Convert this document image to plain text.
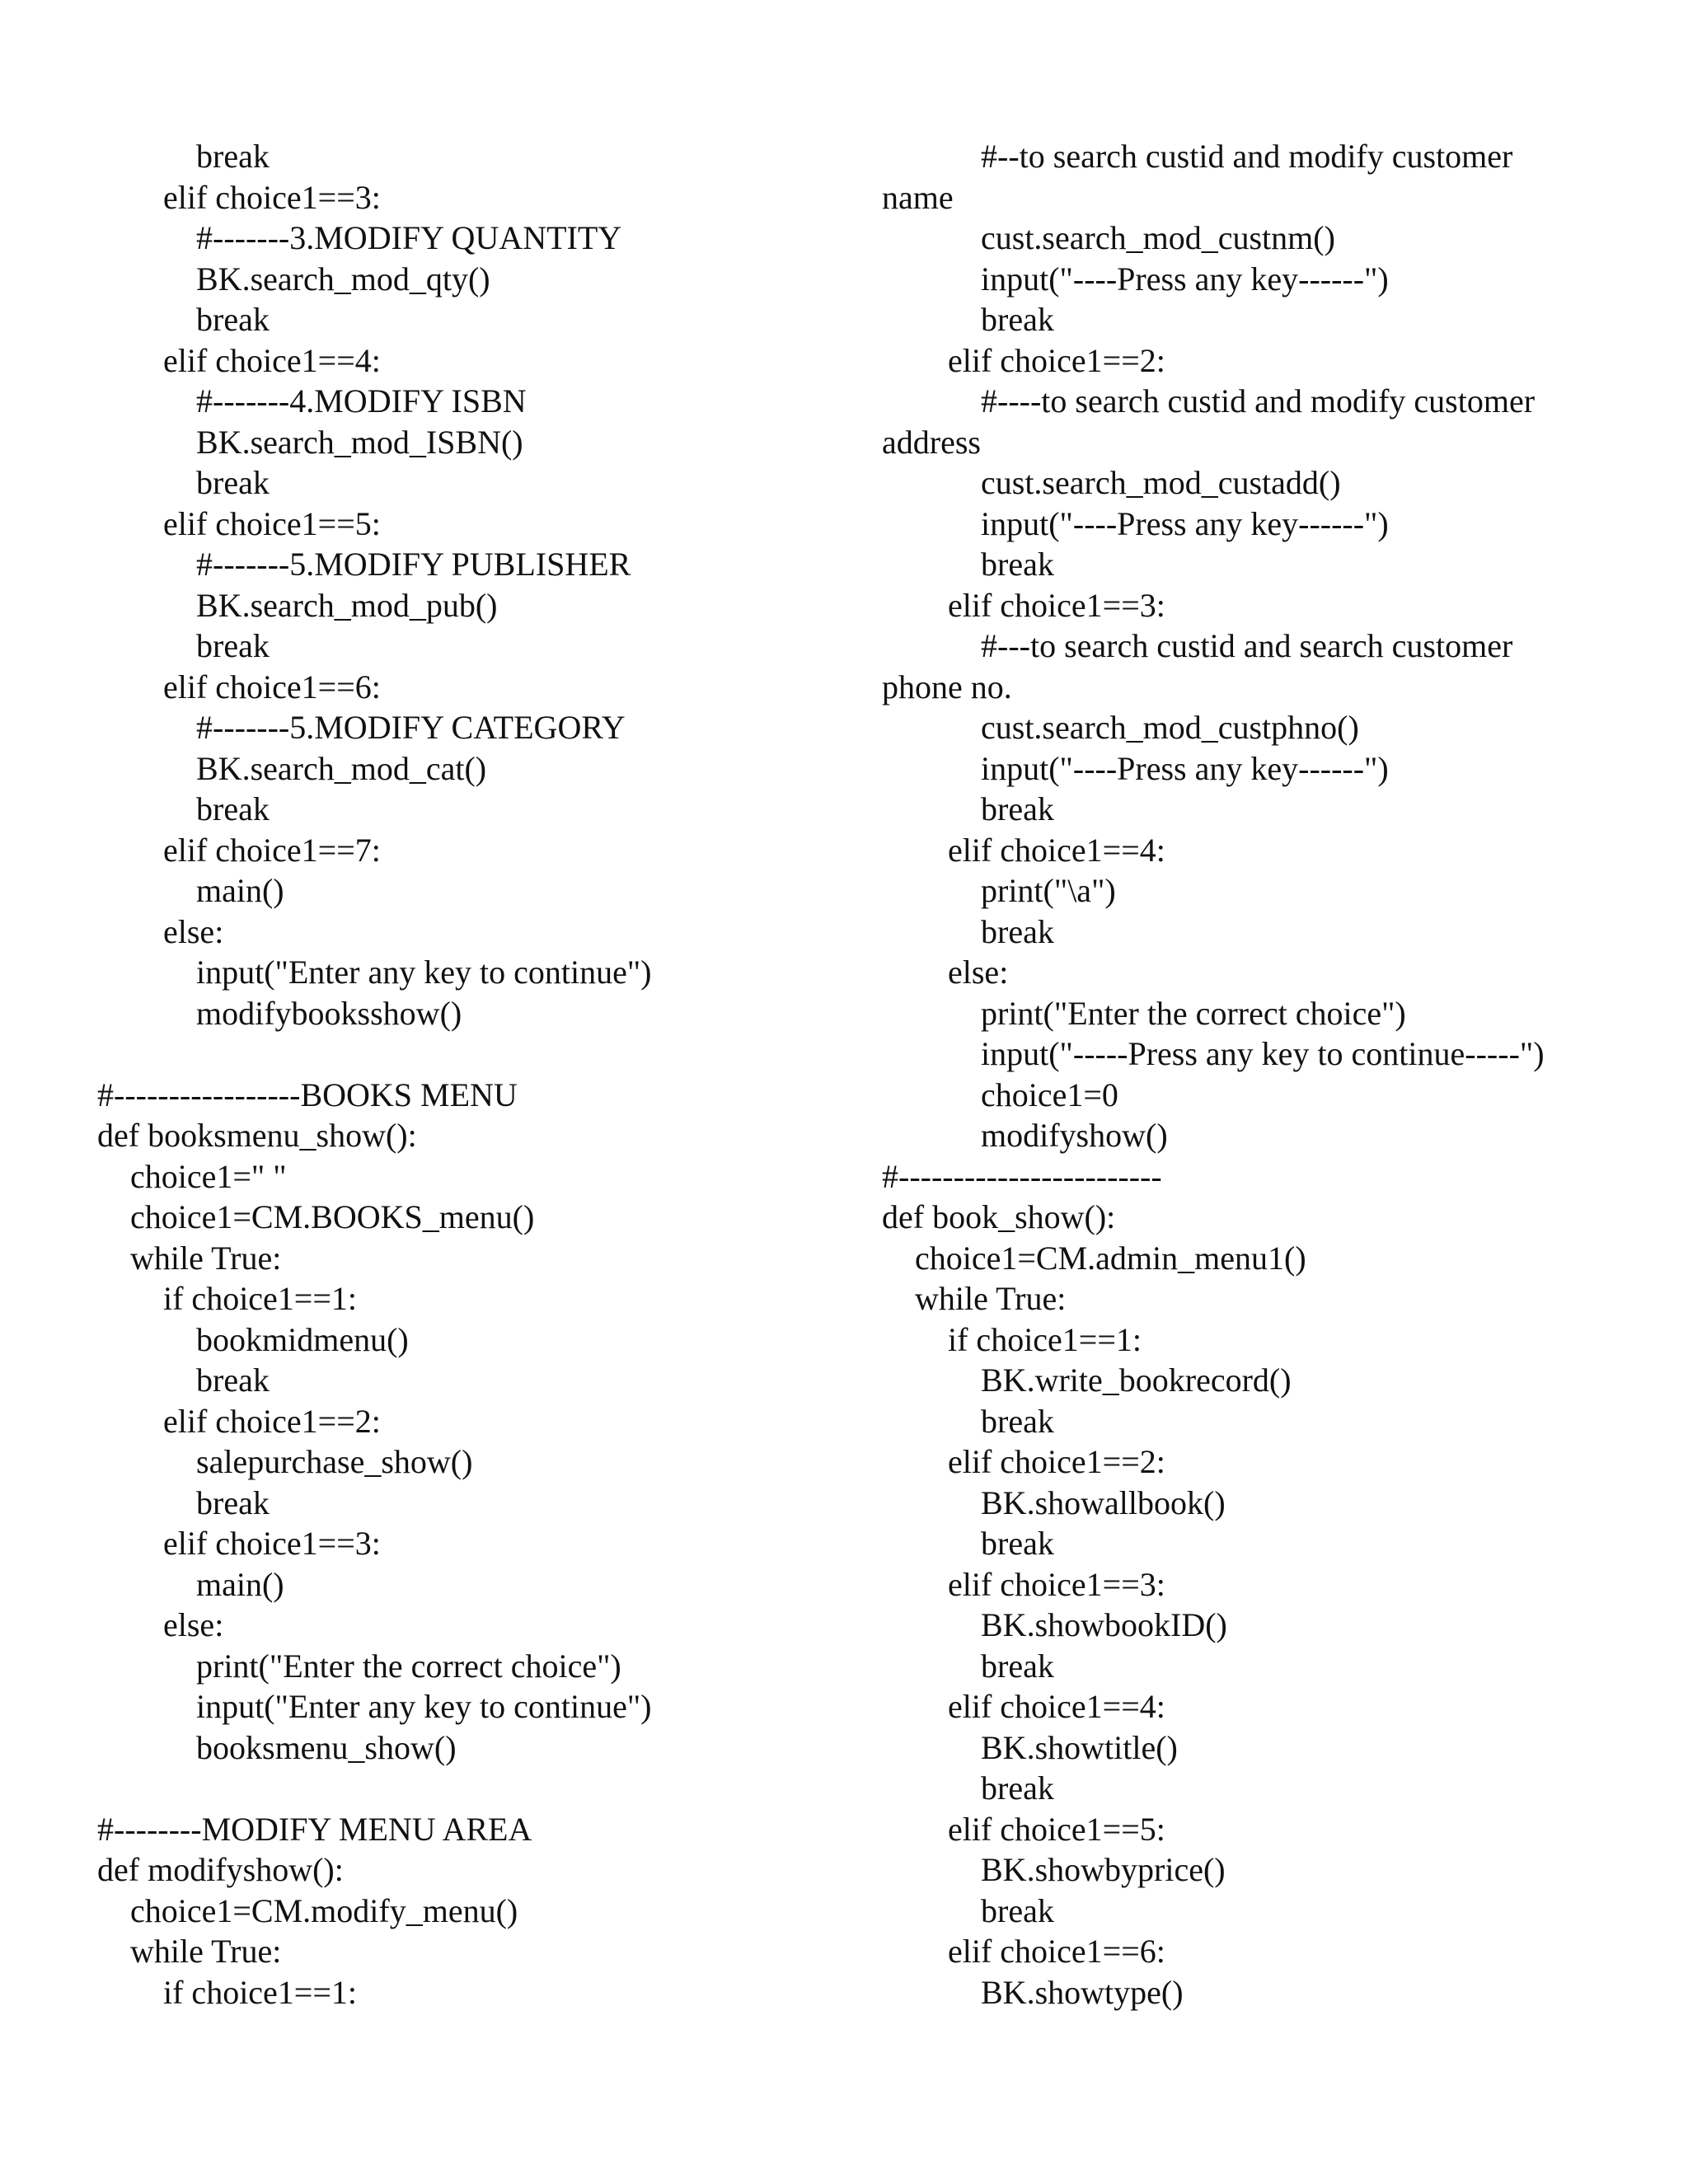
break
elif choice1==3:
#-------3.MODIFY QUANTITY
BK.search_mod_qty()
break
elif choice1==4:
#-------4.MODIFY ISBN
BK.search_mod_ISBN()
break
elif choice1==5:
#-------5.MODIFY PUBLISHER
BK.search_mod_pub()
break
elif choice1==6:
#-------5.MODIFY CATEGORY
BK.search_mod_cat()
break
elif choice1==7:
main()
else:
input("Enter any key to continue")
modifybooksshow()
#-----------------BOOKS MENU
def booksmenu_show():
choice1=" "
choice1=CM.BOOKS_menu()
while True:
if choice1==1:
bookmidmenu()
break
elif choice1==2:
salepurchase_show()
break
elif choice1==3:
main()
else:
print("Enter the correct choice")
input("Enter any key to continue")
booksmenu_show()
#--------MODIFY MENU AREA
def modifyshow():
choice1=CM.modify_menu()
while True:
if choice1==1:
#--to search custid and modify customer
name
cust.search_mod_custnm()
input("----Press any key------")
break
elif choice1==2:
#----to search custid and modify customer
address
cust.search_mod_custadd()
input("----Press any key------")
break
elif choice1==3:
#---to search custid and search customer
phone no.
cust.search_mod_custphno()
input("----Press any key------")
break
elif choice1==4:
print("\a")
break
else:
print("Enter the correct choice")
input("-----Press any key to continue-----")
choice1=0
modifyshow()
#------------------------
def book_show():
choice1=CM.admin_menu1()
while True:
if choice1==1:
BK.write_bookrecord()
break
elif choice1==2:
BK.showallbook()
break
elif choice1==3:
BK.showbookID()
break
elif choice1==4:
BK.showtitle()
break
elif choice1==5:
BK.showbyprice()
break
elif choice1==6:
BK.showtype()
